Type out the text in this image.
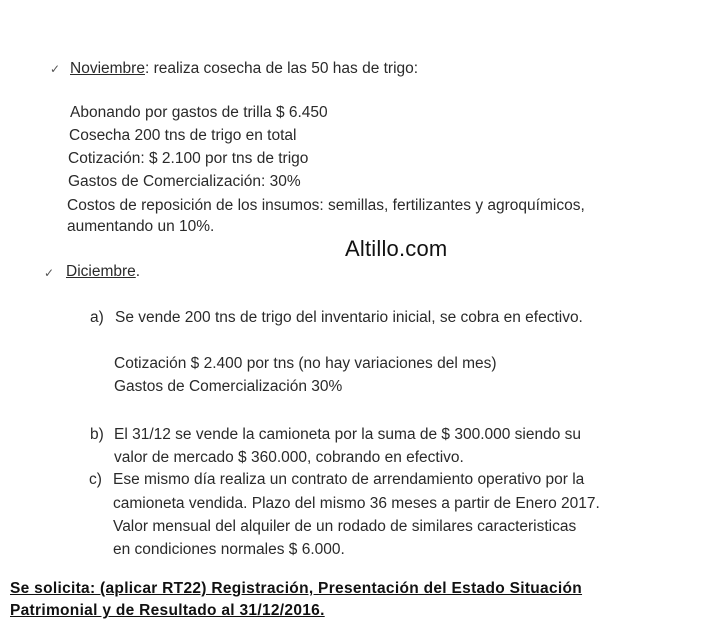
✓ Noviembre: realiza cosecha de las 50 has de trigo:
Abonando por gastos de trilla $ 6.450
Cosecha 200 tns de trigo en total
Cotización: $ 2.100 por tns de trigo
Gastos de Comercialización: 30%
Costos de reposición de los insumos: semillas, fertilizantes y agroquímicos,
aumentando un 10%.
Altillo.com
✓ Diciembre.
a) Se vende 200 tns de trigo del inventario inicial, se cobra en efectivo.
Cotización $ 2.400 por tns (no hay variaciones del mes)
Gastos de Comercialización 30%
b) El 31/12 se vende la camioneta por la suma de $ 300.000 siendo su
valor de mercado $ 360.000, cobrando en efectivo.
c) Ese mismo día realiza un contrato de arrendamiento operativo por la
camioneta vendida. Plazo del mismo 36 meses a partir de Enero 2017.
Valor mensual del alquiler de un rodado de similares caracteristicas
en condiciones normales $ 6.000.
Se solicita: (aplicar RT22) Registración, Presentación del Estado Situación
Patrimonial y de Resultado al 31/12/2016.
